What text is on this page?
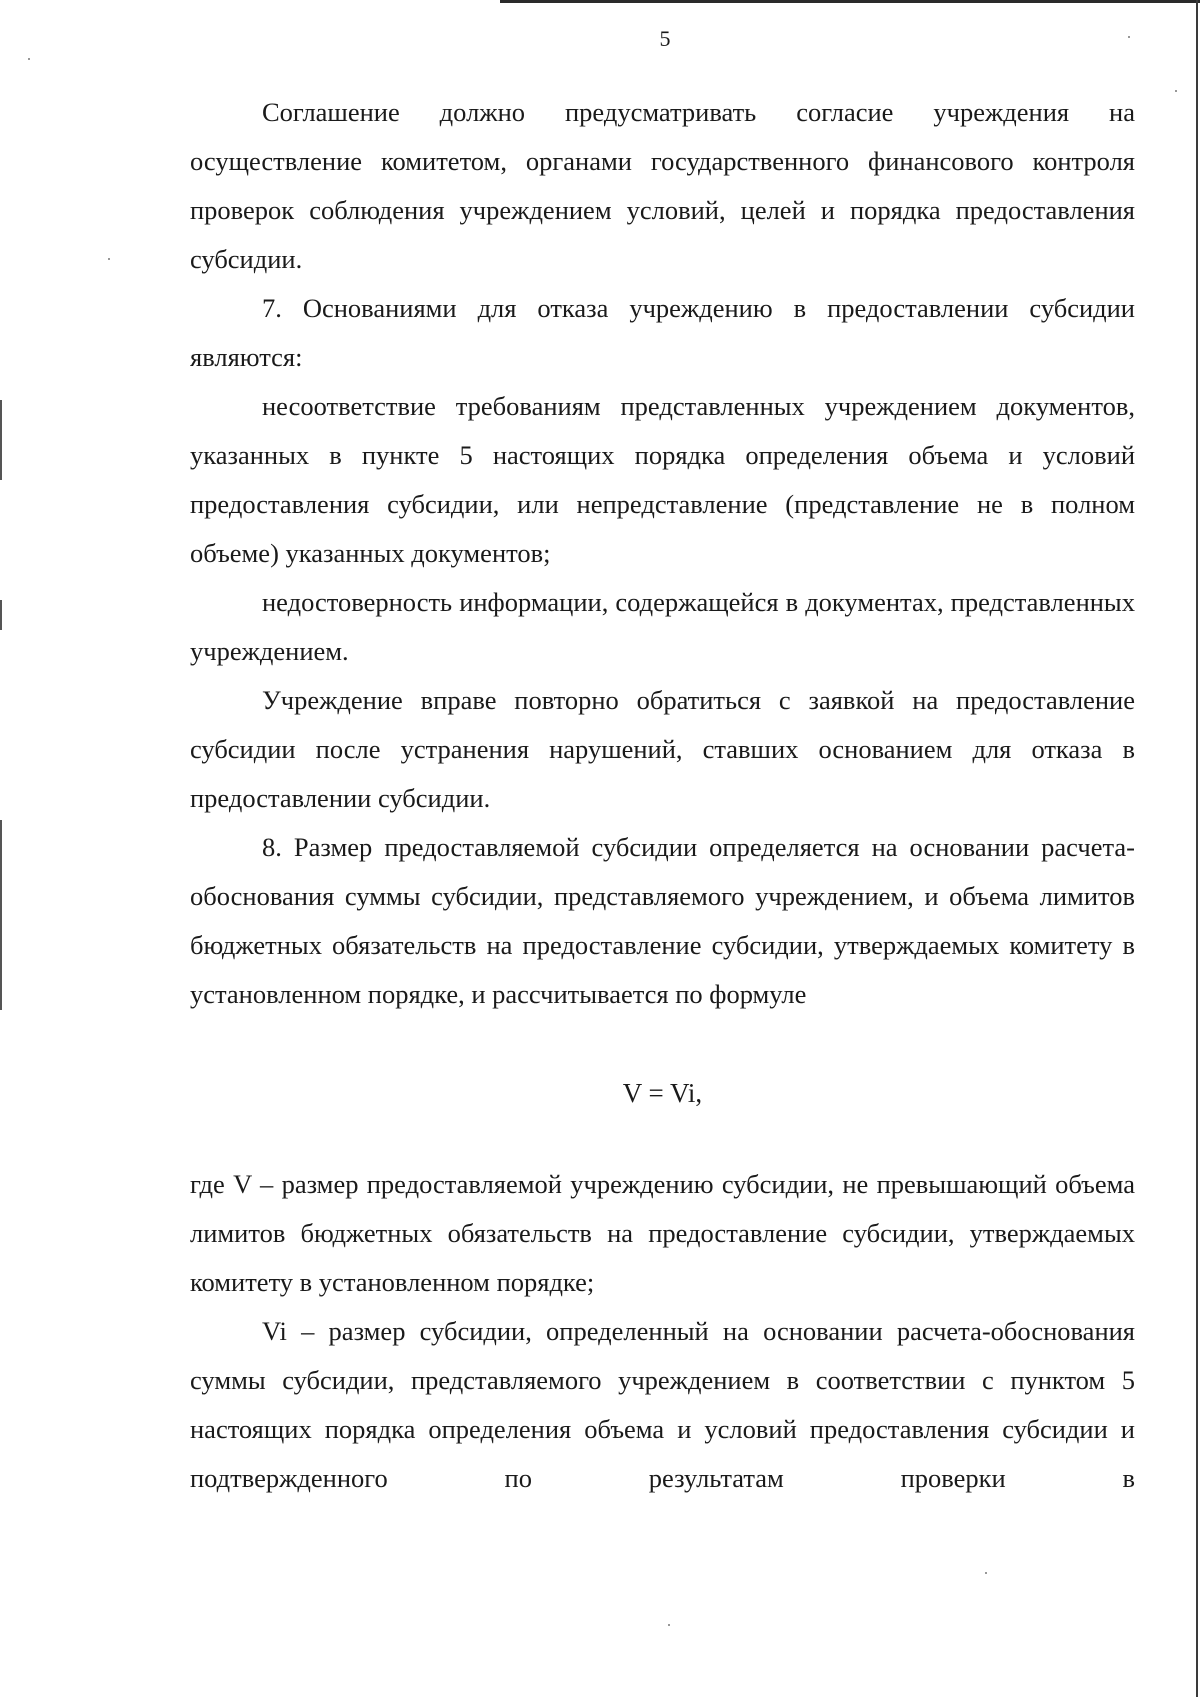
5

Соглашение должно предусматривать согласие учреждения на осуществление комитетом, органами государственного финансового контроля проверок соблюдения учреждением условий, целей и порядка предоставления субсидии.

7. Основаниями для отказа учреждению в предоставлении субсидии являются:

несоответствие требованиям представленных учреждением документов, указанных в пункте 5 настоящих порядка определения объема и условий предоставления субсидии, или непредставление (представление не в полном объеме) указанных документов;

недостоверность информации, содержащейся в документах, представленных учреждением.

Учреждение вправе повторно обратиться с заявкой на предоставление субсидии после устранения нарушений, ставших основанием для отказа в предоставлении субсидии.

8. Размер предоставляемой субсидии определяется на основании расчета-обоснования суммы субсидии, представляемого учреждением, и объема лимитов бюджетных обязательств на предоставление субсидии, утверждаемых комитету в установленном порядке, и рассчитывается по формуле

V = Vi,

где V – размер предоставляемой учреждению субсидии, не превышающий объема лимитов бюджетных обязательств на предоставление субсидии, утверждаемых комитету в установленном порядке;

Vi – размер субсидии, определенный на основании расчета-обоснования суммы субсидии, представляемого учреждением в соответствии с пунктом 5 настоящих порядка определения объема и условий предоставления субсидии и подтвержденного по результатам проверки в
